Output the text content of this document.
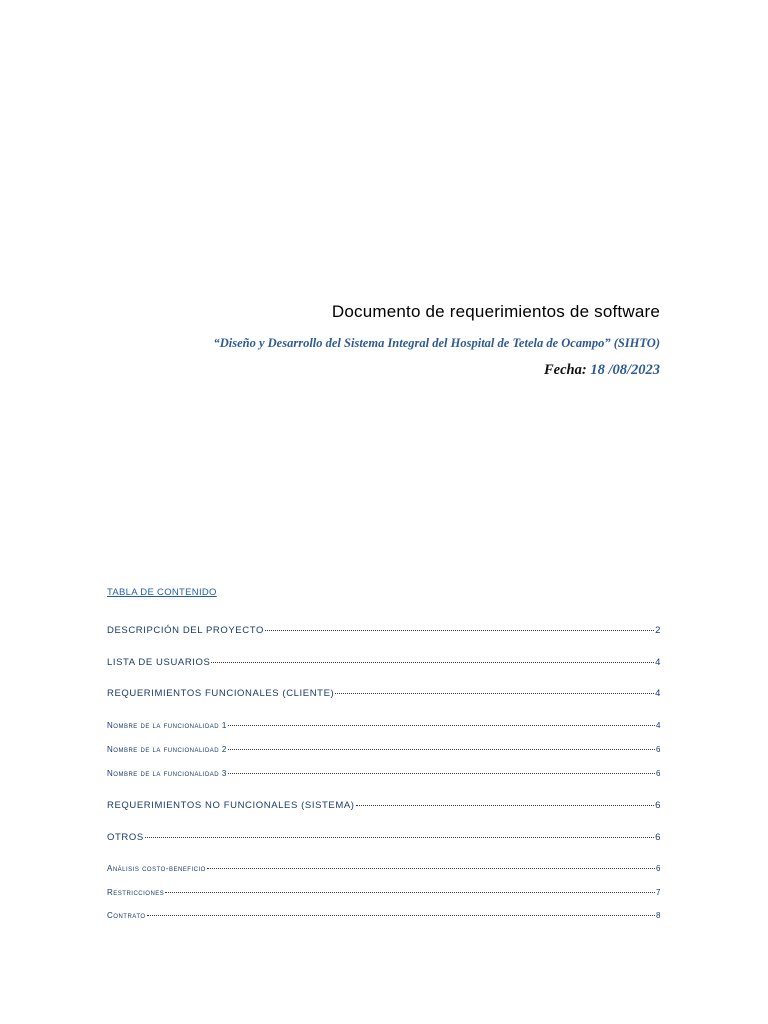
Documento de requerimientos de software
“Diseño y Desarrollo del Sistema Integral del Hospital de Tetela de Ocampo” (SIHTO)
Fecha: 18 /08/2023
TABLA DE CONTENIDO
DESCRIPCIÓN DEL PROYECTO	2
LISTA DE USUARIOS	4
REQUERIMIENTOS FUNCIONALES (CLIENTE)	4
Nombre de la funcionalidad 1	4
Nombre de la funcionalidad 2	6
Nombre de la funcionalidad 3	6
REQUERIMIENTOS NO FUNCIONALES (SISTEMA)	6
OTROS	6
Análisis costo-beneficio	6
Restricciones	7
Contrato	8
